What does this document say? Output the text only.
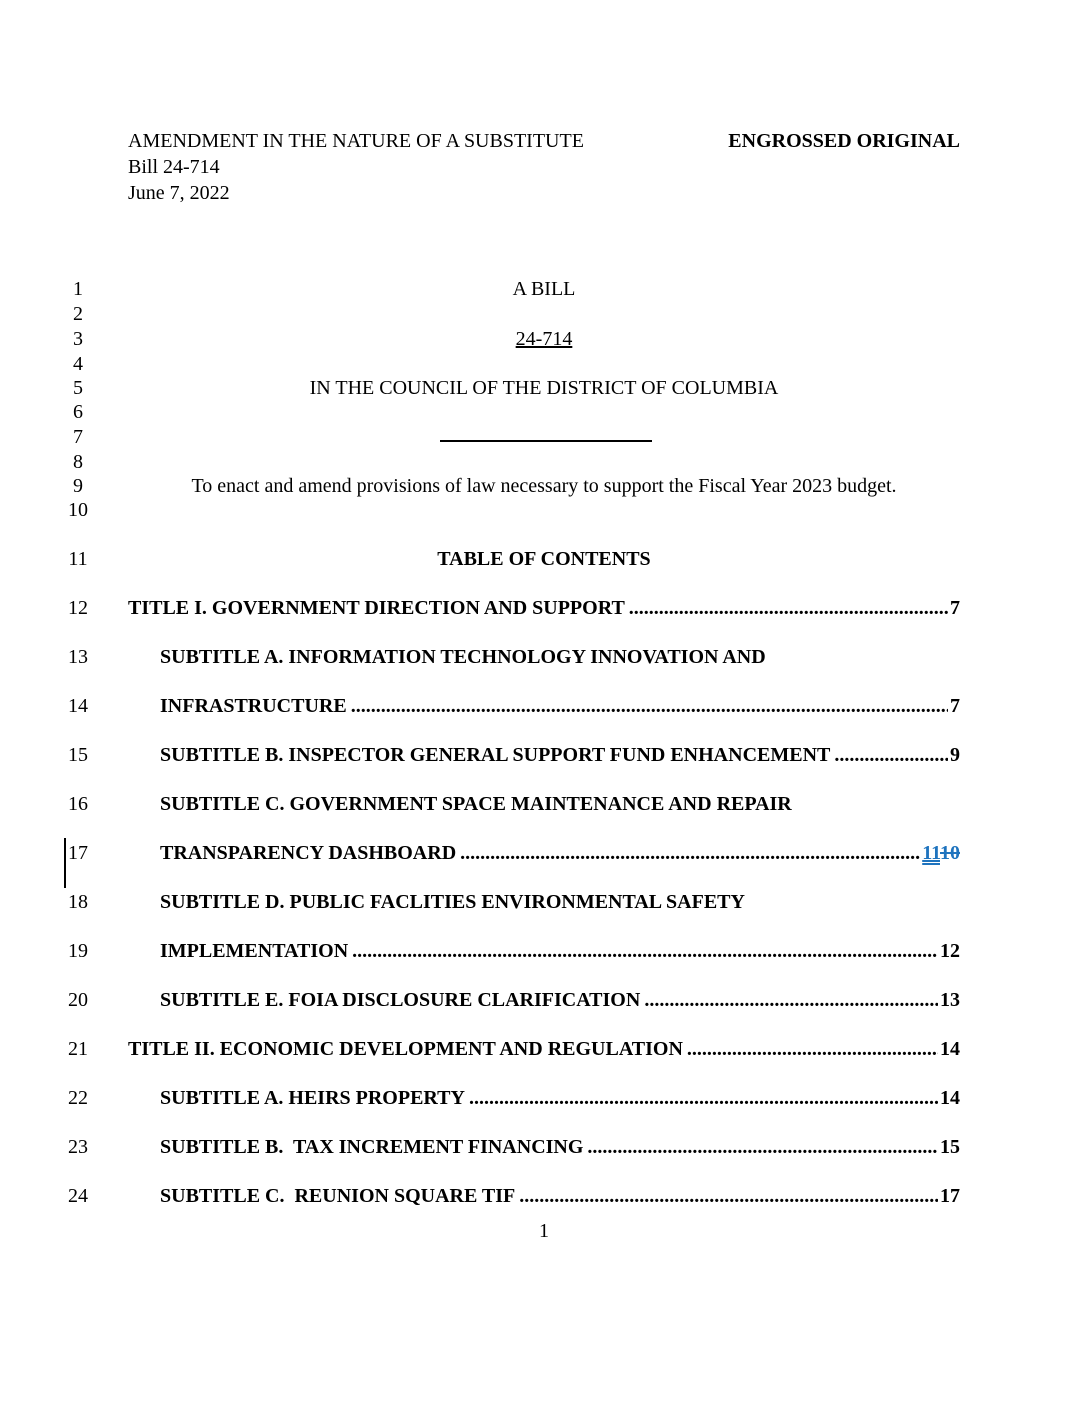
AMENDMENT IN THE NATURE OF A SUBSTITUTE	ENGROSSED ORIGINAL
Bill 24-714
June 7, 2022
1
2
3
4
5
6
7
8
9
10
11
12
13
14
15
16
17
18
19
20
21
22
23
24
A BILL
24-714
IN THE COUNCIL OF THE DISTRICT OF COLUMBIA
To enact and amend provisions of law necessary to support the Fiscal Year 2023 budget.
TABLE OF CONTENTS
TITLE I. GOVERNMENT DIRECTION AND SUPPORT .....	7
SUBTITLE A. INFORMATION TECHNOLOGY INNOVATION AND
INFRASTRUCTURE .....	7
SUBTITLE B. INSPECTOR GENERAL SUPPORT FUND ENHANCEMENT .....	9
SUBTITLE C. GOVERNMENT SPACE MAINTENANCE AND REPAIR
TRANSPARENCY DASHBOARD .....	1110
SUBTITLE D. PUBLIC FACLITIES ENVIRONMENTAL SAFETY
IMPLEMENTATION .....	12
SUBTITLE E. FOIA DISCLOSURE CLARIFICATION .....	13
TITLE II. ECONOMIC DEVELOPMENT AND REGULATION .....	14
SUBTITLE A. HEIRS PROPERTY .....	14
SUBTITLE B.  TAX INCREMENT FINANCING .....	15
SUBTITLE C.  REUNION SQUARE TIF .....	17
1
